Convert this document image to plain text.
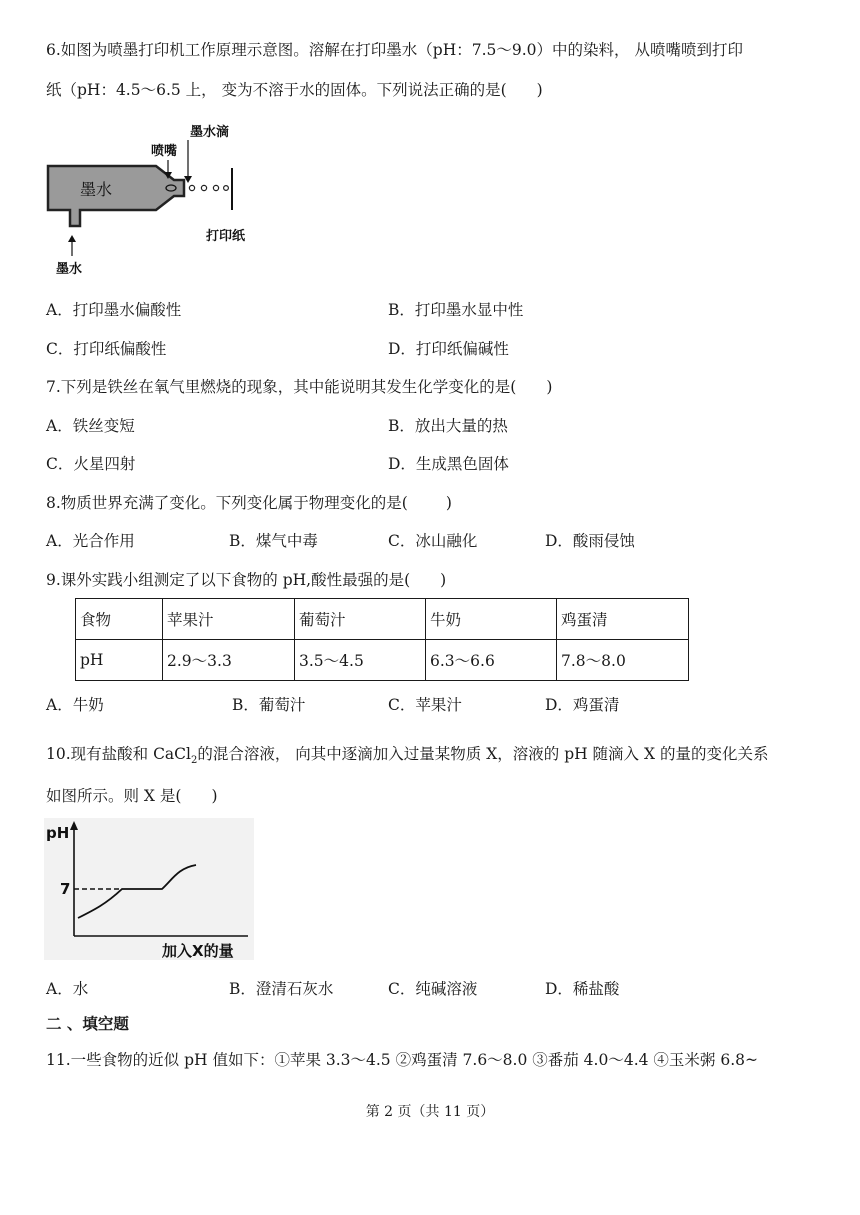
6.如图为喷墨打印机工作原理示意图。溶解在打印墨水（pH：7.5～9.0）中的染料， 从喷嘴喷到打印
纸（pH：4.5～6.5 上， 变为不溶于水的固体。下列说法正确的是( )
墨水
喷嘴
墨水滴
打印纸
墨水
A．打印墨水偏酸性	B．打印墨水显中性
C．打印纸偏酸性	D．打印纸偏碱性
7.下列是铁丝在氧气里燃烧的现象，其中能说明其发生化学变化的是( )
A．铁丝变短	B．放出大量的热
C．火星四射	D．生成黑色固体
8.物质世界充满了变化。下列变化属于物理变化的是( )
A．光合作用	B．煤气中毒	C．冰山融化	D．酸雨侵蚀
9.课外实践小组测定了以下食物的 pH,酸性最强的是( )
食物	苹果汁	葡萄汁	牛奶	鸡蛋清
pH	2.9～3.3	3.5～4.5	6.3～6.6	7.8～8.0
A．牛奶	B．葡萄汁	C．苹果汁	D．鸡蛋清
10.现有盐酸和 CaCl$_2$的混合溶液， 向其中逐滴加入过量某物质 X，溶液的 pH 随滴入 X 的量的变化关系
如图所示。则 X 是( )
pH
7
加入X的量
A．水	B．澄清石灰水	C．纯碱溶液	D．稀盐酸
二 、填空题
11.一些食物的近似 pH 值如下：①苹果 3.3～4.5 ②鸡蛋清 7.6～8.0 ③番茄 4.0～4.4 ④玉米粥 6.8~
第 2 页（共 11 页）
